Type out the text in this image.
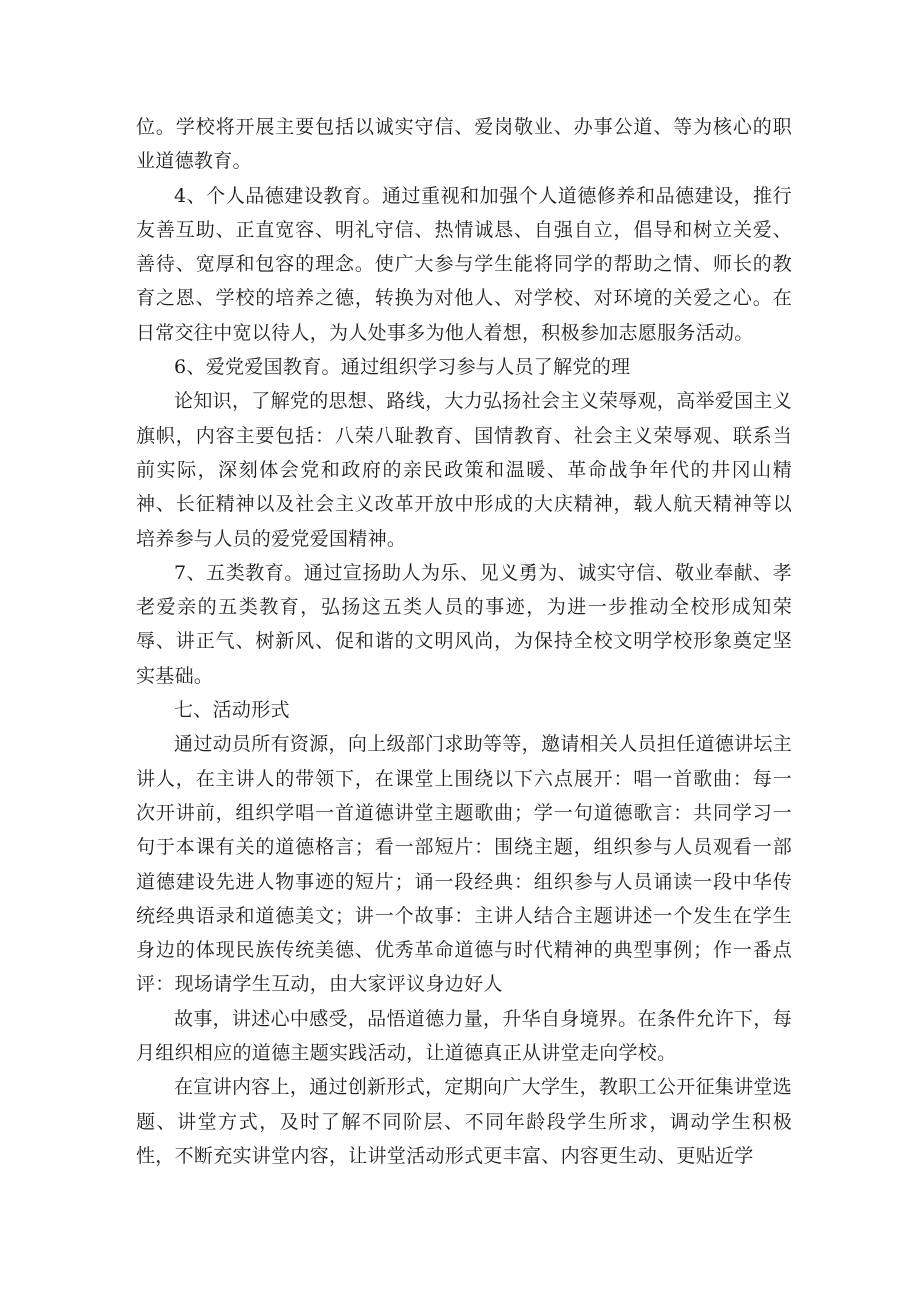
位。学校将开展主要包括以诚实守信、爱岗敬业、办事公道、等为核心的职业道德教育。

4、个人品德建设教育。通过重视和加强个人道德修养和品德建设，推行友善互助、正直宽容、明礼守信、热情诚恳、自强自立，倡导和树立关爱、善待、宽厚和包容的理念。使广大参与学生能将同学的帮助之情、师长的教育之恩、学校的培养之德，转换为对他人、对学校、对环境的关爱之心。在日常交往中宽以待人，为人处事多为他人着想，积极参加志愿服务活动。

6、爱党爱国教育。通过组织学习参与人员了解党的理

论知识，了解党的思想、路线，大力弘扬社会主义荣辱观，高举爱国主义旗帜，内容主要包括：八荣八耻教育、国情教育、社会主义荣辱观、联系当前实际，深刻体会党和政府的亲民政策和温暖、革命战争年代的井冈山精神、长征精神以及社会主义改革开放中形成的大庆精神，载人航天精神等以培养参与人员的爱党爱国精神。

7、五类教育。通过宣扬助人为乐、见义勇为、诚实守信、敬业奉献、孝老爱亲的五类教育，弘扬这五类人员的事迹，为进一步推动全校形成知荣辱、讲正气、树新风、促和谐的文明风尚，为保持全校文明学校形象奠定坚实基础。

七、活动形式

通过动员所有资源，向上级部门求助等等，邀请相关人员担任道德讲坛主讲人，在主讲人的带领下，在课堂上围绕以下六点展开：唱一首歌曲：每一次开讲前，组织学唱一首道德讲堂主题歌曲；学一句道德歌言：共同学习一句于本课有关的道德格言；看一部短片：围绕主题，组织参与人员观看一部道德建设先进人物事迹的短片；诵一段经典：组织参与人员诵读一段中华传统经典语录和道德美文；讲一个故事：主讲人结合主题讲述一个发生在学生身边的体现民族传统美德、优秀革命道德与时代精神的典型事例；作一番点评：现场请学生互动，由大家评议身边好人

故事，讲述心中感受，品悟道德力量，升华自身境界。在条件允许下，每月组织相应的道德主题实践活动，让道德真正从讲堂走向学校。

在宣讲内容上，通过创新形式，定期向广大学生，教职工公开征集讲堂选题、讲堂方式，及时了解不同阶层、不同年龄段学生所求，调动学生积极性，不断充实讲堂内容，让讲堂活动形式更丰富、内容更生动、更贴近学
